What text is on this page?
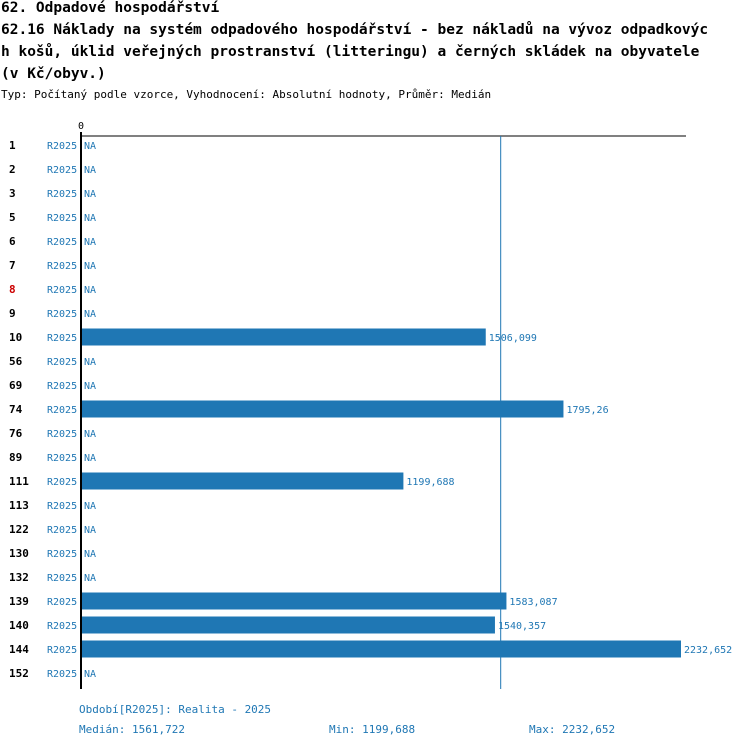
62. Odpadové hospodářství
62.16 Náklady na systém odpadového hospodářství - bez nákladů na vývoz odpadkovýc
h košů, úklid veřejných prostranství (litteringu) a černých skládek na obyvatele
(v Kč/obyv.)
Typ: Počítaný podle vzorce, Vyhodnocení: Absolutní hodnoty, Průměr: Medián
0
1	R2025 NA
2	R2025 NA
3	R2025 NA
5	R2025 NA
6	R2025 NA
7	R2025 NA
8	R2025 NA
9	R2025 NA
10 R2025	1506,099
56 R2025 NA
69 R2025 NA
74 R2025	1795,26
76 R2025 NA
89 R2025 NA
111 R2025	1199,688
113 R2025 NA
122 R2025 NA
130 R2025 NA
132 R2025 NA
139 R2025	1583,087
140 R2025	1540,357
144 R2025	2232,652
152 R2025 NA
Období[R2025]: Realita - 2025
Medián: 1561,722	Min: 1199,688	Max: 2232,652
